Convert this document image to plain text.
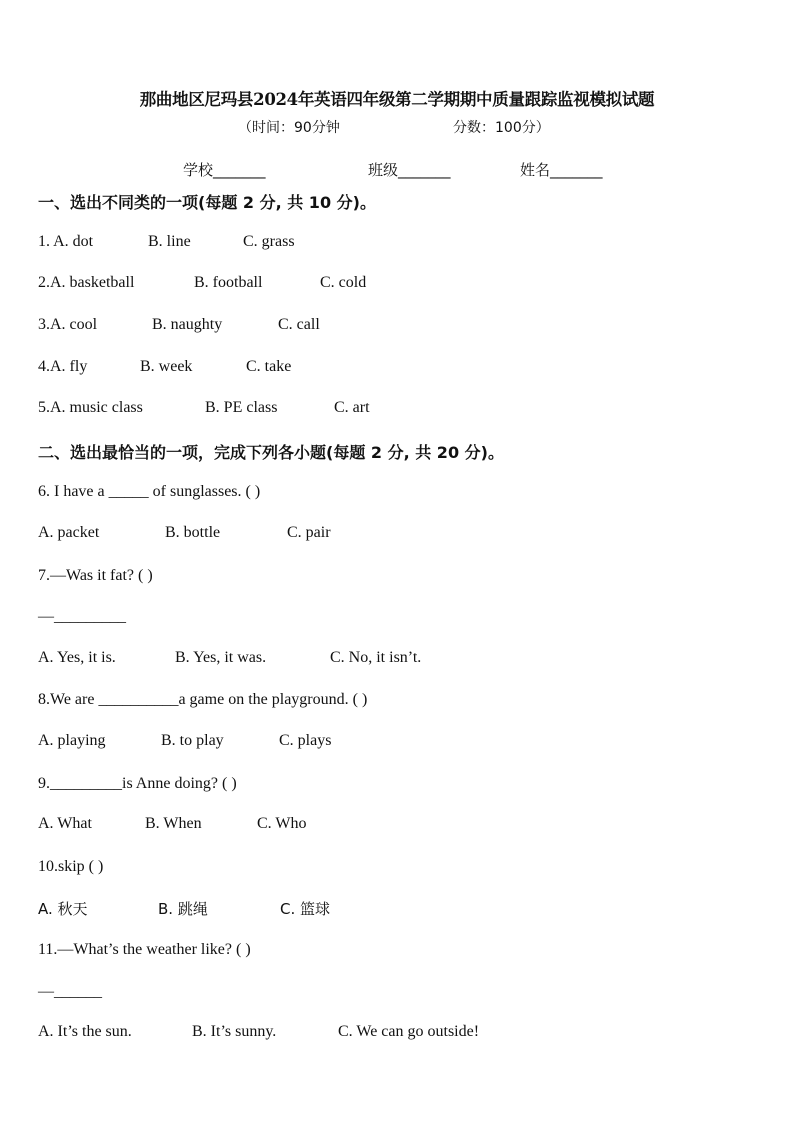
那曲地区尼玛县2024年英语四年级第二学期期中质量跟踪监视模拟试题
（时间：90分钟	分数：100分）
学校_______	班级_______	姓名_______
一、选出不同类的一项(每题 2 分, 共 10 分)。
1. A. dot	B. line	C. grass
2.A. basketball	B. football	C. cold
3.A. cool	B. naughty	C. call
4.A. fly	B. week	C. take
5.A. music class	B. PE class	C. art
二、选出最恰当的一项，完成下列各小题(每题 2 分, 共 20 分)。
6. I have a _____ of sunglasses. ( )
A. packet	B. bottle	C. pair
7.—Was it fat? ( )
—_________
A. Yes, it is.	B. Yes, it was.	C. No, it isn’t.
8.We are __________a game on the playground. ( )
A. playing	B. to play	C. plays
9._________is Anne doing? ( )
A. What	B. When	C. Who
10.skip ( )
A. 秋天	B. 跳绳	C. 篮球
11.—What’s the weather like? ( )
—______
A. It’s the sun.	B. It’s sunny.	C. We can go outside!
